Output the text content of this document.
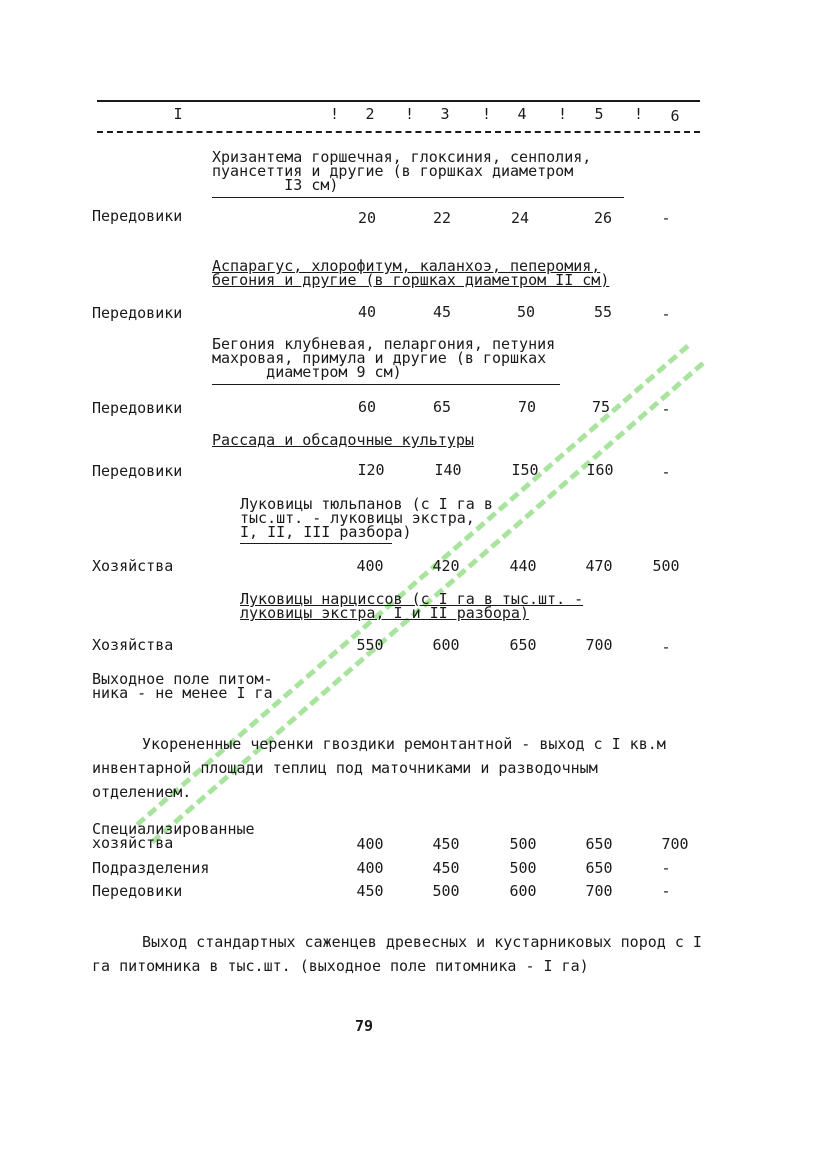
I	!	2	!	3	!	4	!	5	!	6
Хризантема горшечная, глоксиния, сенполия,
пуансеттия и другие (в горшках диаметром
I3 см)
Передовики	20	22	24	26	-
Аспарагус, хлорофитум, каланхоэ, пеперомия,
бегония и другие (в горшках диаметром II см)
Передовики	40	45	50	55	-
Бегония клубневая, пеларгония, петуния
махровая, примула и другие (в горшках
диаметром 9 см)
Передовики	60	65	70	75	-
Рассада и обсадочные культуры
Передовики	I20	I40	I50	I60	-
Луковицы тюльпанов (с I га в
тыс.шт. - луковицы экстра,
I, II, III разбора)
Хозяйства	400	420	440	470	500
Луковицы нарциссов (с I га в тыс.шт. -
луковицы экстра, I и II разбора)
Хозяйства	550	600	650	700	-
Выходное поле питом-
ника - не менее I га
Укорененные черенки гвоздики ремонтантной - выход с I кв.м инвентарной площади теплиц под маточниками и разводочным отделением.
Специализированные
хозяйства	400	450	500	650	700
Подразделения	400	450	500	650	-
Передовики	450	500	600	700	-
Выход стандартных саженцев древесных и кустарниковых пород с I га питомника в тыс.шт. (выходное поле питомника - I га)
79
